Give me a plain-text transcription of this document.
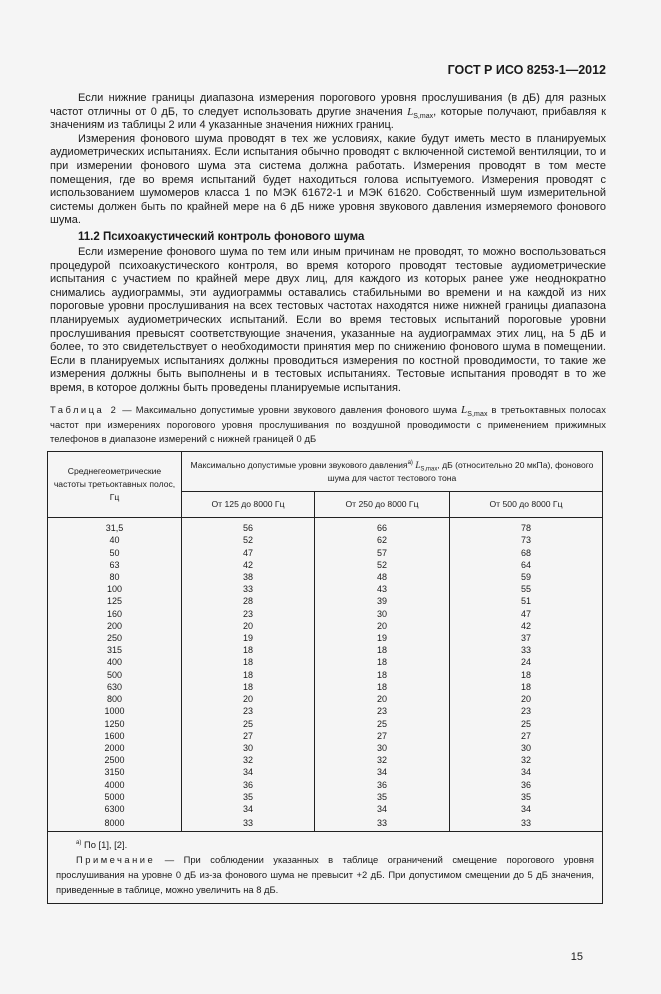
ГОСТ Р ИСО 8253-1—2012

Если нижние границы диапазона измерения порогового уровня прослушивания (в дБ) для разных частот отличны от 0 дБ, то следует использовать другие значения $L_{S,max}$, которые получают, прибавляя к значениям из таблицы 2 или 4 указанные значения нижних границ.

Измерения фонового шума проводят в тех же условиях, какие будут иметь место в планируемых аудиометрических испытаниях. Если испытания обычно проводят с включенной системой вентиляции, то и при измерении фонового шума эта система должна работать. Измерения проводят в том месте помещения, где во время испытаний будет находиться голова испытуемого. Измерения проводят с использованием шумомеров класса 1 по МЭК 61672-1 и МЭК 61620. Собственный шум измерительной системы должен быть по крайней мере на 6 дБ ниже уровня звукового давления измеряемого фонового шума.

11.2 Психоакустический контроль фонового шума

Если измерение фонового шума по тем или иным причинам не проводят, то можно воспользоваться процедурой психоакустического контроля, во время которого проводят тестовые аудиометрические испытания с участием по крайней мере двух лиц, для каждого из которых ранее уже неоднократно снимались аудиограммы, эти аудиограммы оставались стабильными во времени и на каждой из них пороговые уровни прослушивания на всех тестовых частотах находятся ниже нижней границы диапазона планируемых аудиометрических испытаний. Если во время тестовых испытаний пороговые уровни прослушивания превысят соответствующие значения, указанные на аудиограммах этих лиц, на 5 дБ и более, то это свидетельствует о необходимости принятия мер по снижению фонового шума в помещении. Если в планируемых испытаниях должны проводиться измерения по костной проводимости, то такие же измерения должны быть выполнены и в тестовых испытаниях. Тестовые испытания проводят в то же время, в которое должны быть проведены планируемые испытания.

Таблица 2 — Максимально допустимые уровни звукового давления фонового шума $L_{S,max}$ в третьоктавных полосах частот при измерениях порогового уровня прослушивания по воздушной проводимости с применением прижимных телефонов в диапазоне измерений с нижней границей 0 дБ
Среднегеометрические частоты третьоктавных полос, Гц	Максимально допустимые уровни звукового давления$^{а)}$ $L_{S,max}$, дБ (относительно 20 мкПа), фонового шума для частот тестового тона		
	От 125 до 8000 Гц	От 250 до 8000 Гц	От 500 до 8000 Гц
31,5	56	66	78
40	52	62	73
50	47	57	68
63	42	52	64
80	38	48	59
100	33	43	55
125	28	39	51
160	23	30	47
200	20	20	42
250	19	19	37
315	18	18	33
400	18	18	24
500	18	18	18
630	18	18	18
800	20	20	20
1000	23	23	23
1250	25	25	25
1600	27	27	27
2000	30	30	30
2500	32	32	32
3150	34	34	34
4000	36	36	36
5000	35	35	35
6300	34	34	34
8000	33	33	33

$^{а)}$ По [1], [2].
Примечание — При соблюдении указанных в таблице ограничений смещение порогового уровня прослушивания на уровне 0 дБ из-за фонового шума не превысит +2 дБ. При допустимом смещении до 5 дБ значения, приведенные в таблице, можно увеличить на 8 дБ.			
15
